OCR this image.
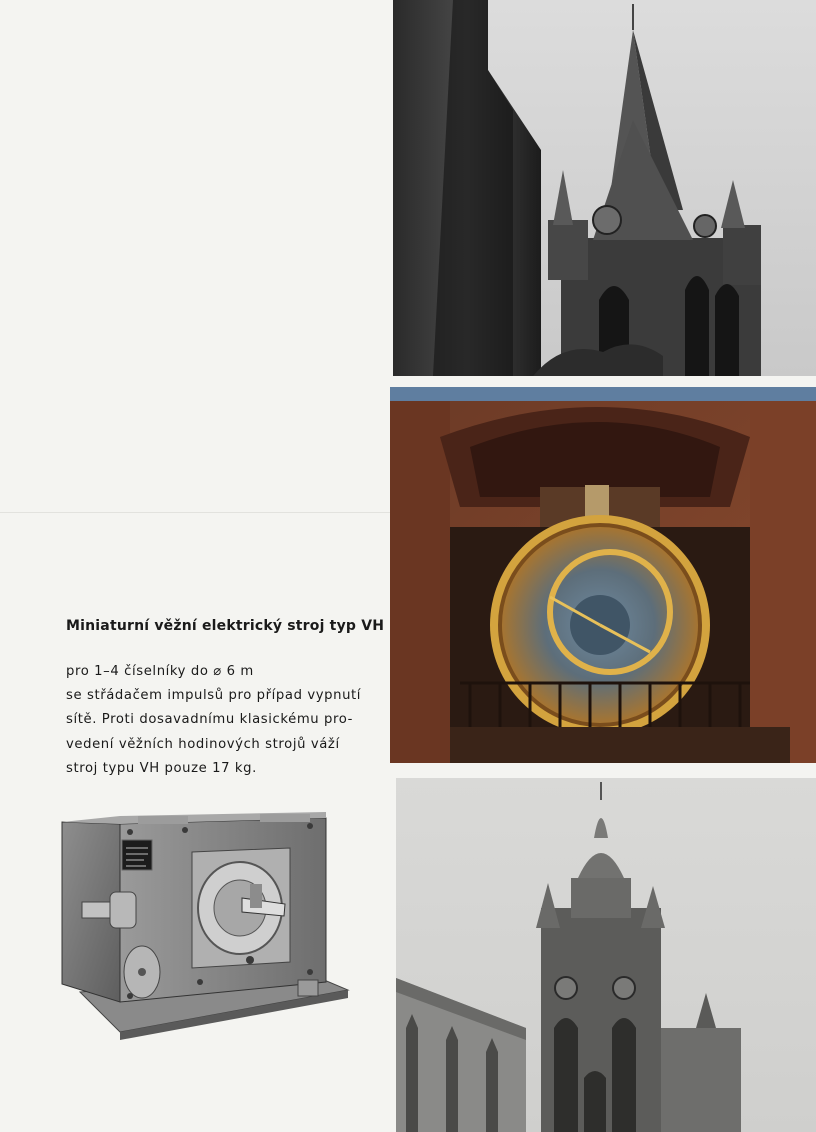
Miniaturní věžní elektrický stroj typ VH
pro 1–4 číselníky do ⌀ 6 m
se střádačem impulsů pro případ vypnutí
sítě. Proti dosavadnímu klasickému pro-
vedení věžních hodinových strojů váží
stroj typu VH pouze 17 kg.
